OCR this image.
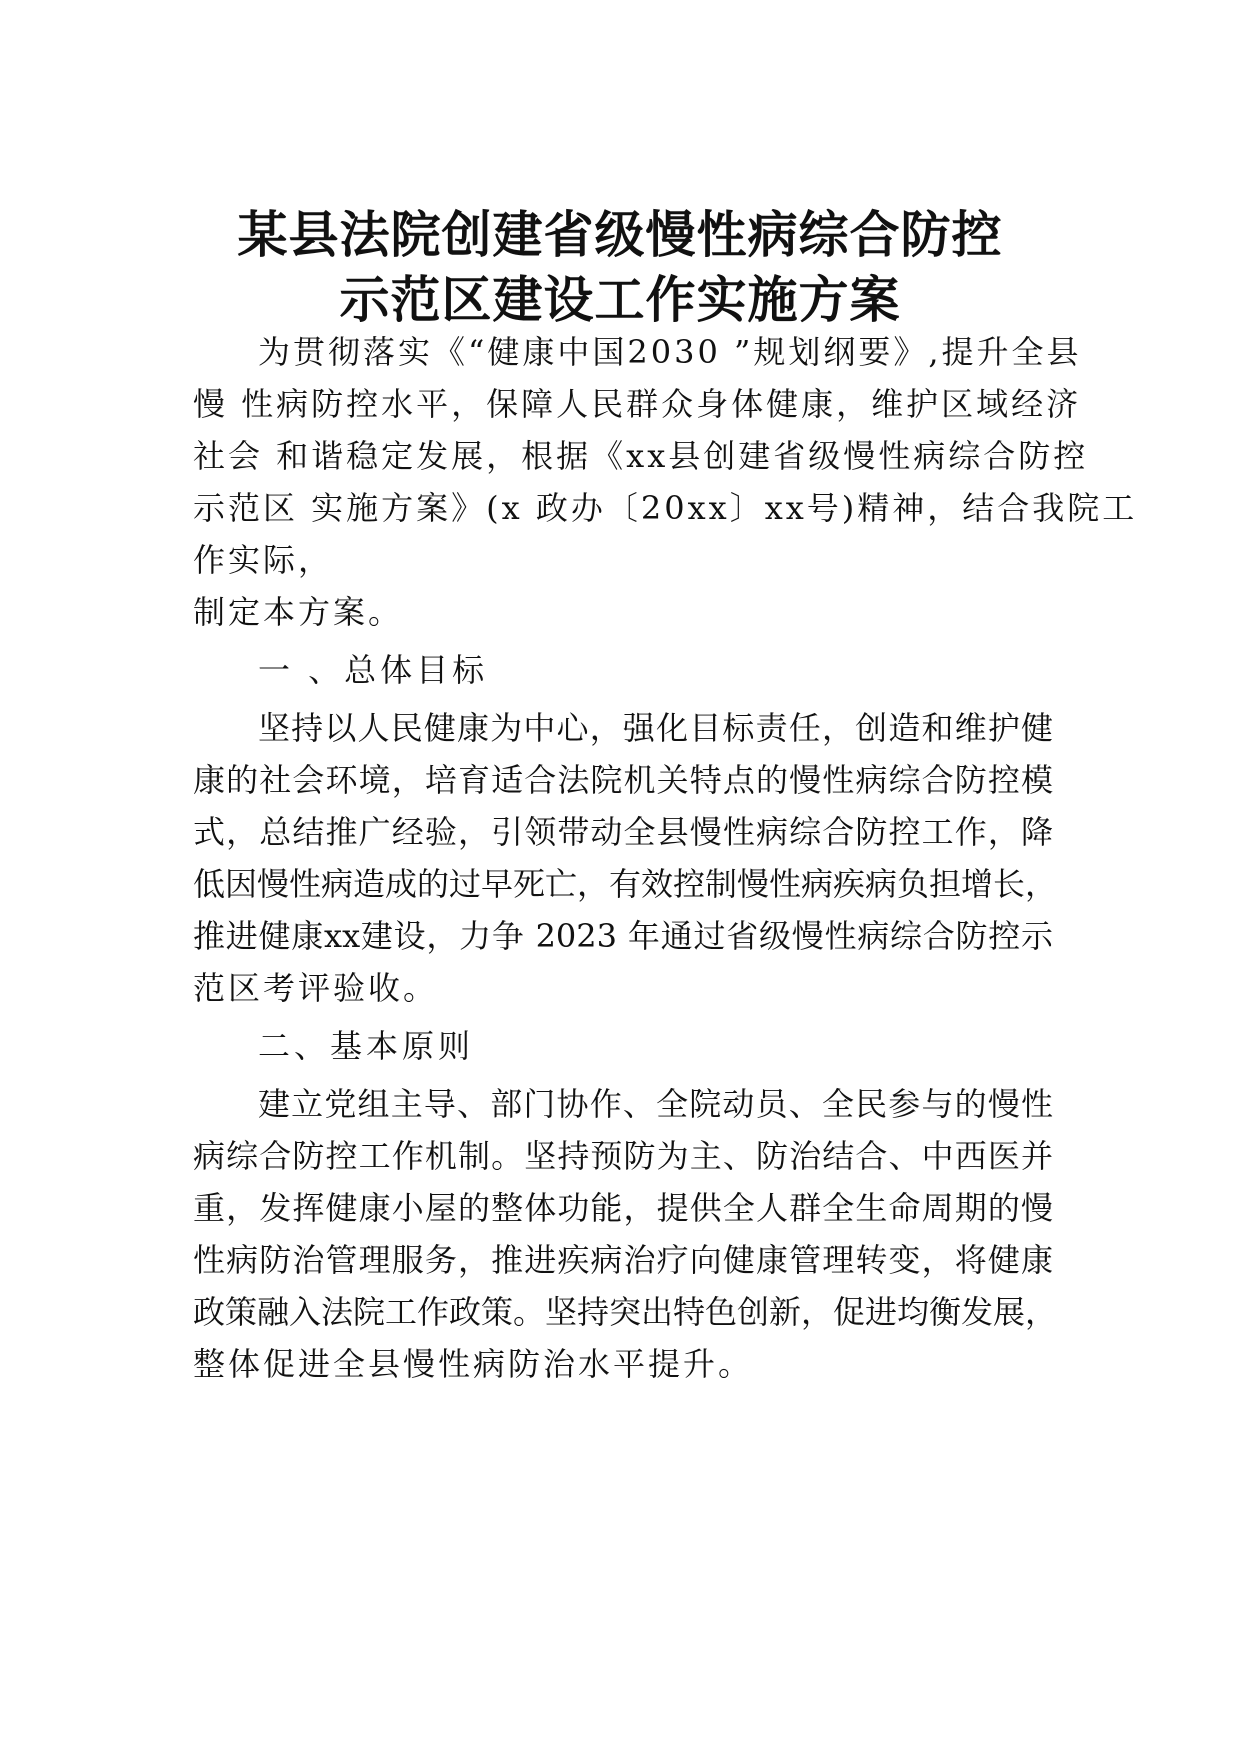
某县法院创建省级慢性病综合防控
示范区建设工作实施方案
为贯彻落实《“健康中国2030 ”规划纲要》,提升全县
慢 性病防控水平，保障人民群众身体健康，维护区域经济
社会 和谐稳定发展，根据《xx县创建省级慢性病综合防控
示范区 实施方案》(x 政办〔20xx〕xx号)精神，结合我院工
作实际，
制定本方案。
一 、总体目标
坚持以人民健康为中心，强化目标责任，创造和维护健
康的社会环境，培育适合法院机关特点的慢性病综合防控模
式，总结推广经验，引领带动全县慢性病综合防控工作，降
低因慢性病造成的过早死亡，有效控制慢性病疾病负担增长，
推进健康xx建设，力争 2023 年通过省级慢性病综合防控示
范区考评验收。
二、基本原则
建立党组主导、部门协作、全院动员、全民参与的慢性
病综合防控工作机制。坚持预防为主、防治结合、中西医并
重，发挥健康小屋的整体功能，提供全人群全生命周期的慢
性病防治管理服务，推进疾病治疗向健康管理转变，将健康
政策融入法院工作政策。坚持突出特色创新，促进均衡发展，
整体促进全县慢性病防治水平提升。
